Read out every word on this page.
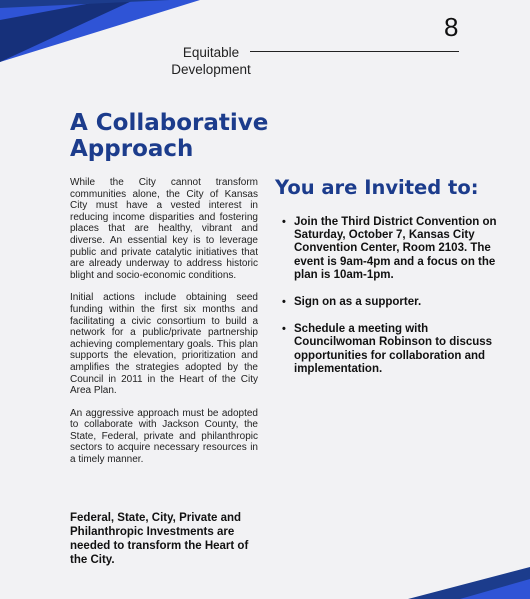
8
Equitable Development
A Collaborative Approach

While the City cannot transform communities alone, the City of Kansas City must have a vested interest in reducing income disparities and fostering places that are healthy, vibrant and diverse. An essential key is to leverage public and private catalytic initiatives that are already underway to address historic blight and socio-economic conditions.

Initial actions include obtaining seed funding within the first six months and facilitating a civic consortium to build a network for a public/private partnership achieving complementary goals. This plan supports the elevation, prioritization and amplifies the strategies adopted by the Council in 2011 in the Heart of the City Area Plan.

An aggressive approach must be adopted to collaborate with Jackson County, the State, Federal, private and philanthropic sectors to acquire necessary resources in a timely manner.

Federal, State, City, Private and Philanthropic Investments are needed to transform the Heart of the City.

You are Invited to:
• Join the Third District Convention on Saturday, October 7, Kansas City Convention Center, Room 2103. The event is 9am-4pm and a focus on the plan is 10am-1pm.
• Sign on as a supporter.
• Schedule a meeting with Councilwoman Robinson to discuss opportunities for collaboration and implementation.
